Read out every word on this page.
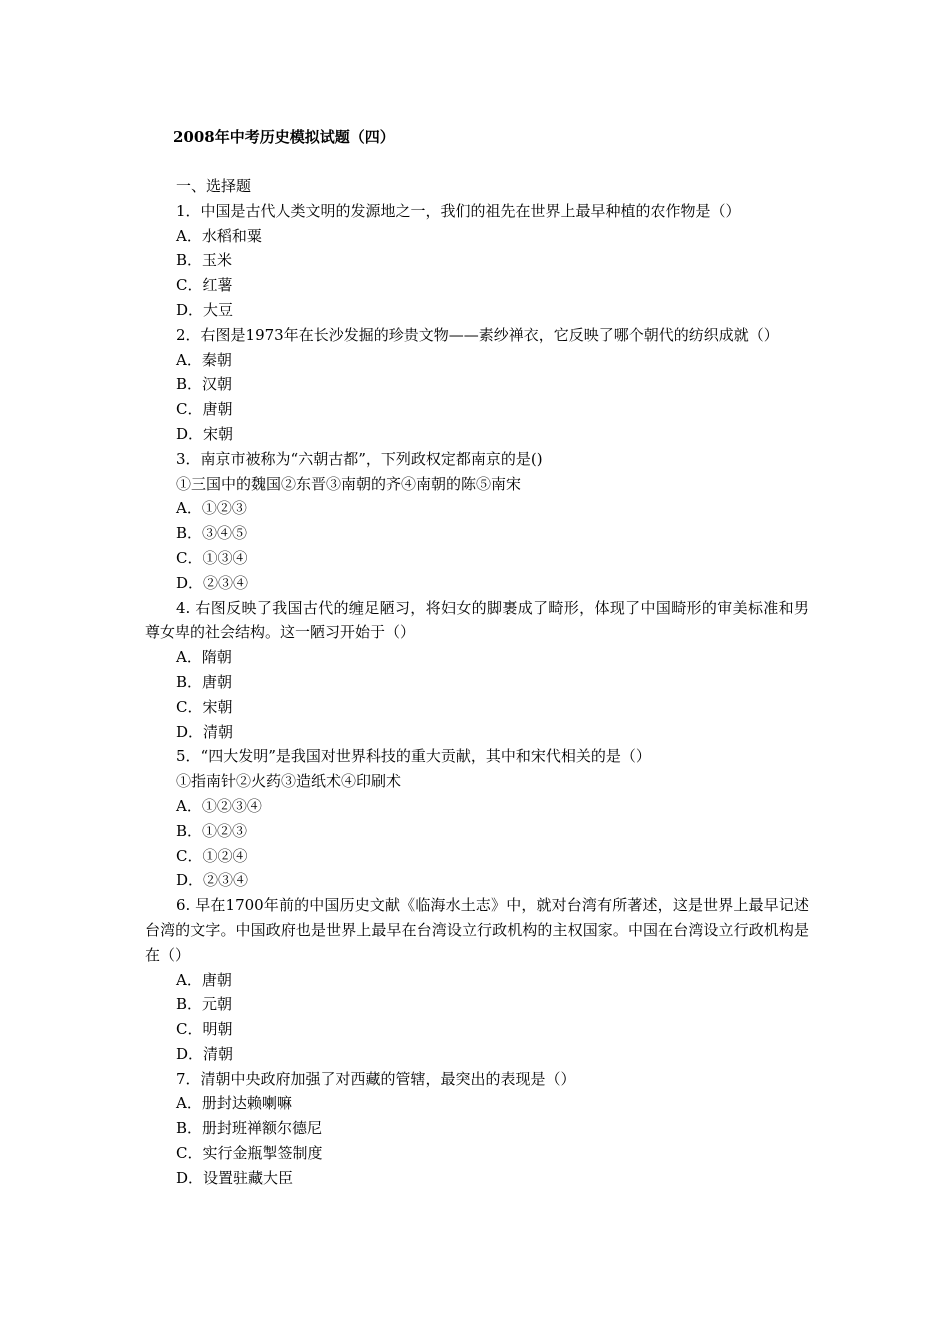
2008年中考历史模拟试题（四）

一、选择题

1．中国是古代人类文明的发源地之一，我们的祖先在世界上最早种植的农作物是（）

A．水稻和粟

B．玉米

C．红薯

D．大豆

2．右图是1973年在长沙发掘的珍贵文物——素纱禅衣，它反映了哪个朝代的纺织成就（）

A．秦朝

B．汉朝

C．唐朝

D．宋朝

3．南京市被称为“六朝古都”，下列政权定都南京的是()

①三国中的魏国②东晋③南朝的齐④南朝的陈⑤南宋

A．①②③

B．③④⑤

C．①③④

D．②③④

4. 右图反映了我国古代的缠足陋习，将妇女的脚裹成了畸形，体现了中国畸形的审美标准和男尊女卑的社会结构。这一陋习开始于（）

A．隋朝

B．唐朝

C．宋朝

D．清朝

5．“四大发明”是我国对世界科技的重大贡献，其中和宋代相关的是（）

①指南针②火药③造纸术④印刷术

A．①②③④

B．①②③

C．①②④

D．②③④

6. 早在1700年前的中国历史文献《临海水土志》中，就对台湾有所著述，这是世界上最早记述台湾的文字。中国政府也是世界上最早在台湾设立行政机构的主权国家。中国在台湾设立行政机构是在（）

A．唐朝

B．元朝

C．明朝

D．清朝

7．清朝中央政府加强了对西藏的管辖，最突出的表现是（）

A．册封达赖喇嘛

B．册封班禅额尔德尼

C．实行金瓶掣签制度

D．设置驻藏大臣
